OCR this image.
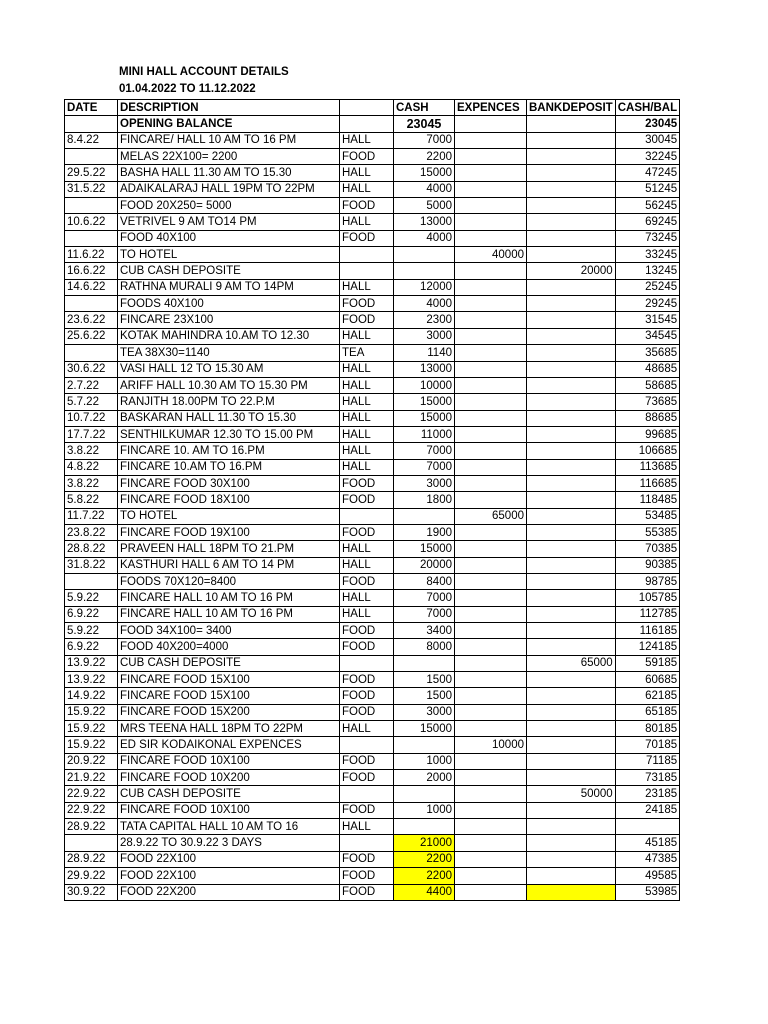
MINI HALL ACCOUNT DETAILS
01.04.2022 TO 11.12.2022
DATE	DESCRIPTION		CASH	EXPENCES	BANKDEPOSIT	CASH/BAL
	OPENING BALANCE		23045			23045
8.4.22	FINCARE/ HALL 10 AM TO 16 PM	HALL	7000			30045
	MELAS 22X100= 2200	FOOD	2200			32245
29.5.22	BASHA HALL 11.30 AM TO 15.30	HALL	15000			47245
31.5.22	ADAIKALARAJ HALL 19PM TO 22PM	HALL	4000			51245
	FOOD 20X250= 5000	FOOD	5000			56245
10.6.22	VETRIVEL 9 AM TO14 PM	HALL	13000			69245
	FOOD 40X100	FOOD	4000			73245
11.6.22	TO HOTEL			40000		33245
16.6.22	CUB CASH DEPOSITE				20000	13245
14.6.22	RATHNA MURALI 9 AM TO 14PM	HALL	12000			25245
	FOODS 40X100	FOOD	4000			29245
23.6.22	FINCARE 23X100	FOOD	2300			31545
25.6.22	KOTAK MAHINDRA 10.AM TO 12.30	HALL	3000			34545
	TEA 38X30=1140	TEA	1140			35685
30.6.22	VASI HALL 12 TO 15.30 AM	HALL	13000			48685
2.7.22	ARIFF HALL 10.30 AM TO 15.30 PM	HALL	10000			58685
5.7.22	RANJITH 18.00PM TO 22.P.M	HALL	15000			73685
10.7.22	BASKARAN HALL 11.30 TO 15.30	HALL	15000			88685
17.7.22	SENTHILKUMAR 12.30 TO 15.00 PM	HALL	11000			99685
3.8.22	FINCARE 10. AM TO 16.PM	HALL	7000			106685
4.8.22	FINCARE 10.AM TO 16.PM	HALL	7000			113685
3.8.22	FINCARE FOOD 30X100	FOOD	3000			116685
5.8.22	FINCARE FOOD 18X100	FOOD	1800			118485
11.7.22	TO HOTEL			65000		53485
23.8.22	FINCARE FOOD 19X100	FOOD	1900			55385
28.8.22	PRAVEEN HALL 18PM TO 21.PM	HALL	15000			70385
31.8.22	KASTHURI HALL 6 AM TO 14 PM	HALL	20000			90385
	FOODS 70X120=8400	FOOD	8400			98785
5.9.22	FINCARE HALL 10 AM TO 16 PM	HALL	7000			105785
6.9.22	FINCARE HALL 10 AM TO 16 PM	HALL	7000			112785
5.9.22	FOOD 34X100= 3400	FOOD	3400			116185
6.9.22	FOOD 40X200=4000	FOOD	8000			124185
13.9.22	CUB CASH DEPOSITE				65000	59185
13.9.22	FINCARE FOOD 15X100	FOOD	1500			60685
14.9.22	FINCARE FOOD 15X100	FOOD	1500			62185
15.9.22	FINCARE FOOD 15X200	FOOD	3000			65185
15.9.22	MRS TEENA HALL 18PM TO 22PM	HALL	15000			80185
15.9.22	ED SIR KODAIKONAL EXPENCES			10000		70185
20.9.22	FINCARE FOOD 10X100	FOOD	1000			71185
21.9.22	FINCARE FOOD 10X200	FOOD	2000			73185
22.9.22	CUB CASH DEPOSITE				50000	23185
22.9.22	FINCARE FOOD 10X100	FOOD	1000			24185
28.9.22	TATA CAPITAL HALL 10 AM TO 16	HALL				
	28.9.22 TO 30.9.22 3 DAYS		21000			45185
28.9.22	FOOD 22X100	FOOD	2200			47385
29.9.22	FOOD 22X100	FOOD	2200			49585
30.9.22	FOOD 22X200	FOOD	4400			53985
